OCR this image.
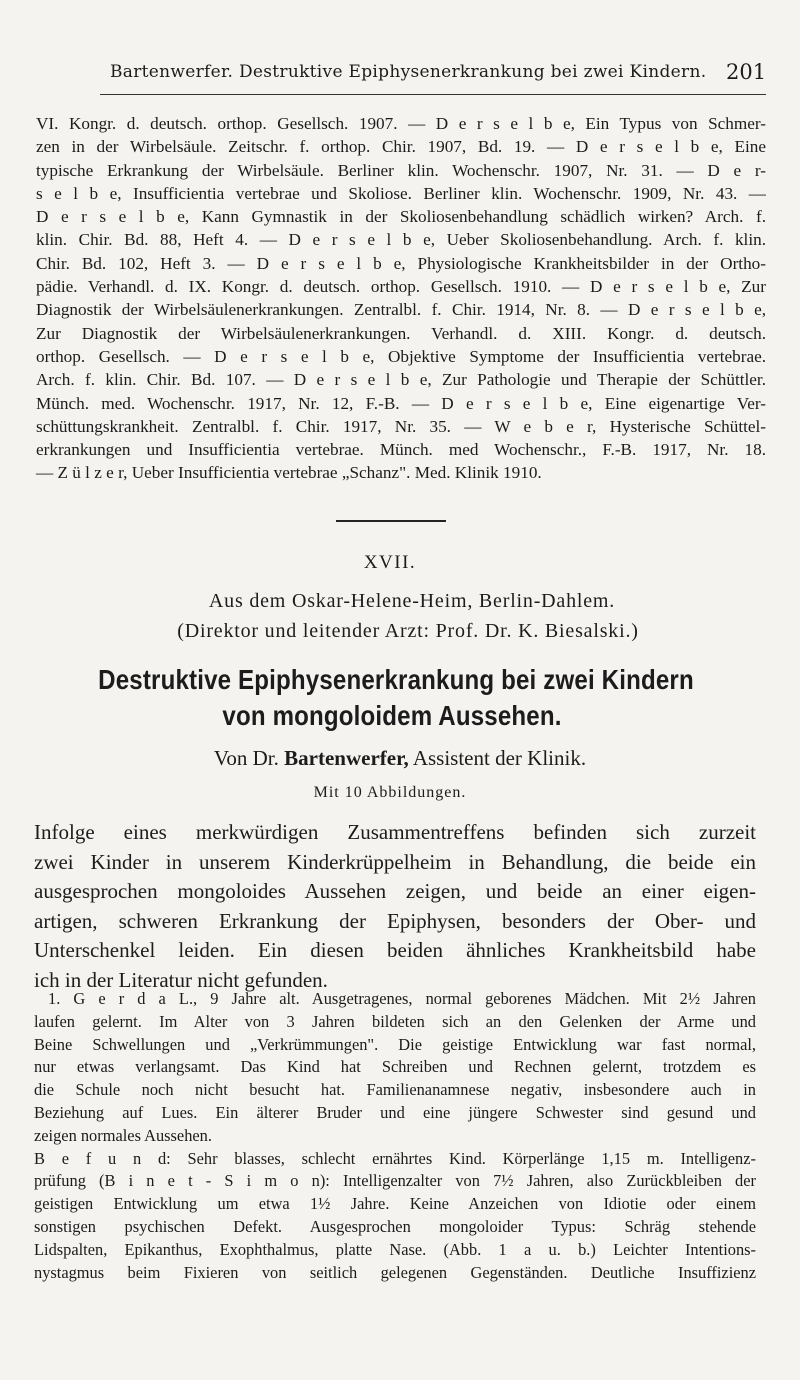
Bartenwerfer. Destruktive Epiphysenerkrankung bei zwei Kindern. 201
VI. Kongr. d. deutsch. orthop. Gesellsch. 1907. — D e r s e l b e, Ein Typus von Schmer-
zen in der Wirbelsäule. Zeitschr. f. orthop. Chir. 1907, Bd. 19. — D e r s e l b e, Eine
typische Erkrankung der Wirbelsäule. Berliner klin. Wochenschr. 1907, Nr. 31. — D e r-
s e l b e, Insufficientia vertebrae und Skoliose. Berliner klin. Wochenschr. 1909, Nr. 43. —
D e r s e l b e, Kann Gymnastik in der Skoliosenbehandlung schädlich wirken? Arch. f.
klin. Chir. Bd. 88, Heft 4. — D e r s e l b e, Ueber Skoliosenbehandlung. Arch. f. klin.
Chir. Bd. 102, Heft 3. — D e r s e l b e, Physiologische Krankheitsbilder in der Ortho-
pädie. Verhandl. d. IX. Kongr. d. deutsch. orthop. Gesellsch. 1910. — D e r s e l b e, Zur
Diagnostik der Wirbelsäulenerkrankungen. Zentralbl. f. Chir. 1914, Nr. 8. — D e r s e l b e,
Zur Diagnostik der Wirbelsäulenerkrankungen. Verhandl. d. XIII. Kongr. d. deutsch.
orthop. Gesellsch. — D e r s e l b e, Objektive Symptome der Insufficientia vertebrae.
Arch. f. klin. Chir. Bd. 107. — D e r s e l b e, Zur Pathologie und Therapie der Schüttler.
Münch. med. Wochenschr. 1917, Nr. 12, F.-B. — D e r s e l b e, Eine eigenartige Ver-
schüttungskrankheit. Zentralbl. f. Chir. 1917, Nr. 35. — W e b e r, Hysterische Schüttel-
erkrankungen und Insufficientia vertebrae. Münch. med Wochenschr., F.-B. 1917, Nr. 18.
— Z ü l z e r, Ueber Insufficientia vertebrae „Schanz". Med. Klinik 1910.
XVII.
Aus dem Oskar-Helene-Heim, Berlin-Dahlem.
(Direktor und leitender Arzt: Prof. Dr. K. Biesalski.)
Destruktive Epiphysenerkrankung bei zwei Kindern
von mongoloidem Aussehen.
Von Dr. Bartenwerfer, Assistent der Klinik.
Mit 10 Abbildungen.
Infolge eines merkwürdigen Zusammentreffens befinden sich zurzeit
zwei Kinder in unserem Kinderkrüppelheim in Behandlung, die beide ein
ausgesprochen mongoloides Aussehen zeigen, und beide an einer eigen-
artigen, schweren Erkrankung der Epiphysen, besonders der Ober- und
Unterschenkel leiden. Ein diesen beiden ähnliches Krankheitsbild habe
ich in der Literatur nicht gefunden.
1. G e r d a L., 9 Jahre alt. Ausgetragenes, normal geborenes Mädchen. Mit 2½ Jahren
laufen gelernt. Im Alter von 3 Jahren bildeten sich an den Gelenken der Arme und
Beine Schwellungen und „Verkrümmungen". Die geistige Entwicklung war fast normal,
nur etwas verlangsamt. Das Kind hat Schreiben und Rechnen gelernt, trotzdem es
die Schule noch nicht besucht hat. Familienanamnese negativ, insbesondere auch in
Beziehung auf Lues. Ein älterer Bruder und eine jüngere Schwester sind gesund und
zeigen normales Aussehen.
B e f u n d: Sehr blasses, schlecht ernährtes Kind. Körperlänge 1,15 m. Intelligenz-
prüfung (B i n e t - S i m o n): Intelligenzalter von 7½ Jahren, also Zurückbleiben der
geistigen Entwicklung um etwa 1½ Jahre. Keine Anzeichen von Idiotie oder einem
sonstigen psychischen Defekt. Ausgesprochen mongoloider Typus: Schräg stehende
Lidspalten, Epikanthus, Exophthalmus, platte Nase. (Abb. 1 a u. b.) Leichter Intentions-
nystagmus beim Fixieren von seitlich gelegenen Gegenständen. Deutliche Insuffizienz
